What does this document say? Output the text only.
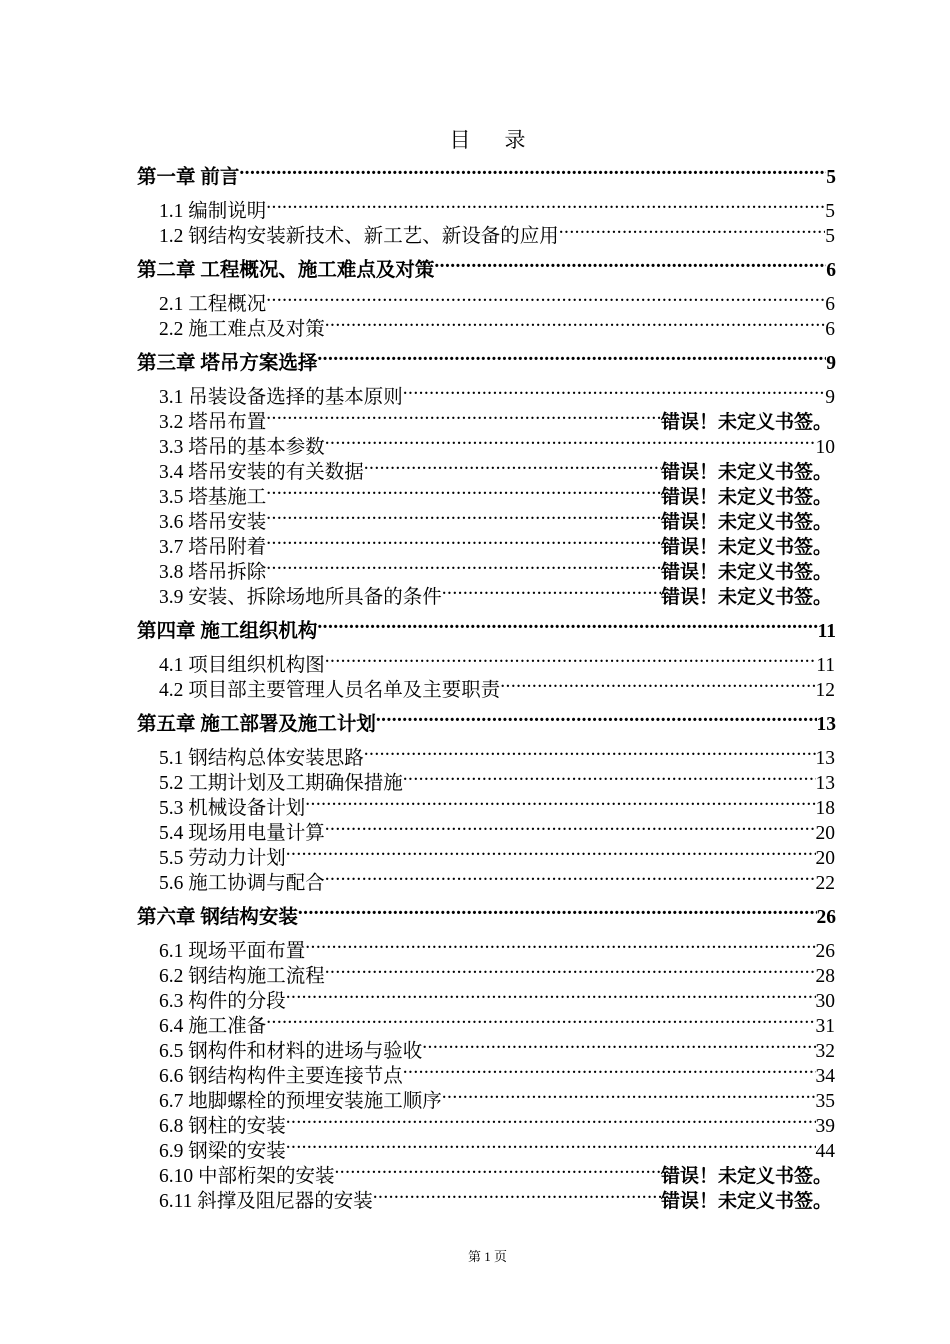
目 录
第一章 前言 .....	5
1.1 编制说明 .....	5
1.2 钢结构安装新技术、新工艺、新设备的应用 .....	5
第二章 工程概况、施工难点及对策 .....	6
2.1 工程概况 .....	6
2.2 施工难点及对策 .....	6
第三章 塔吊方案选择 .....	9
3.1 吊装设备选择的基本原则 .....	9
3.2 塔吊布置 .....	错误！未定义书签。
3.3 塔吊的基本参数 .....	10
3.4 塔吊安装的有关数据 .....	错误！未定义书签。
3.5 塔基施工 .....	错误！未定义书签。
3.6 塔吊安装 .....	错误！未定义书签。
3.7 塔吊附着 .....	错误！未定义书签。
3.8 塔吊拆除 .....	错误！未定义书签。
3.9 安装、拆除场地所具备的条件 .....	错误！未定义书签。
第四章 施工组织机构 .....	11
4.1 项目组织机构图 .....	11
4.2 项目部主要管理人员名单及主要职责 .....	12
第五章 施工部署及施工计划 .....	13
5.1 钢结构总体安装思路 .....	13
5.2 工期计划及工期确保措施 .....	13
5.3 机械设备计划 .....	18
5.4 现场用电量计算 .....	20
5.5 劳动力计划 .....	20
5.6 施工协调与配合 .....	22
第六章 钢结构安装 .....	26
6.1 现场平面布置 .....	26
6.2 钢结构施工流程 .....	28
6.3 构件的分段 .....	30
6.4 施工准备 .....	31
6.5 钢构件和材料的进场与验收 .....	32
6.6 钢结构构件主要连接节点 .....	34
6.7 地脚螺栓的预埋安装施工顺序 .....	35
6.8 钢柱的安装 .....	39
6.9 钢梁的安装 .....	44
6.10 中部桁架的安装 .....	错误！未定义书签。
6.11 斜撑及阻尼器的安装 .....	错误！未定义书签。
第 1 页
